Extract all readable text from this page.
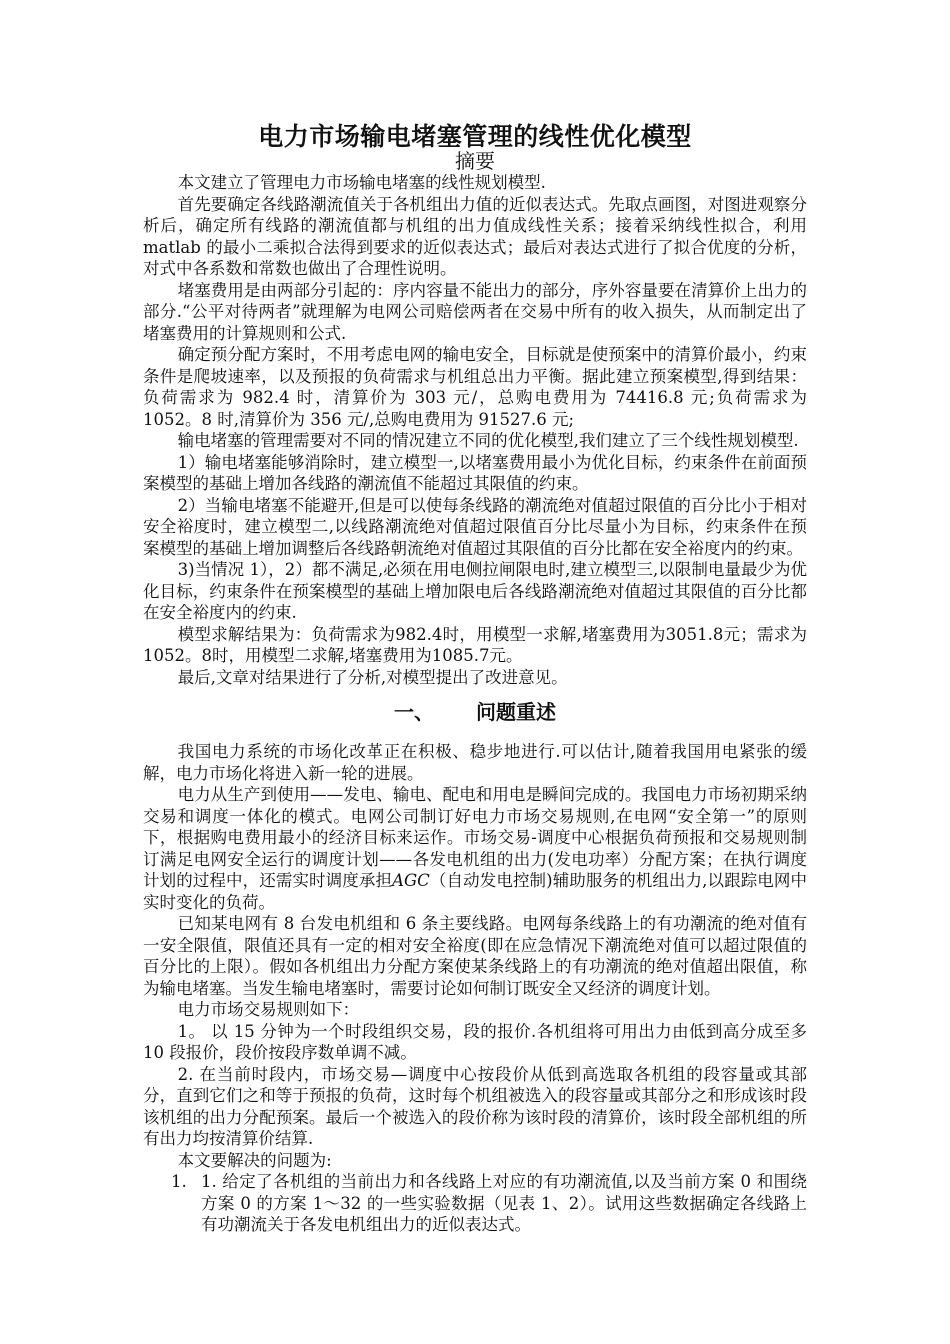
电力市场输电堵塞管理的线性优化模型
摘要

本文建立了管理电力市场输电堵塞的线性规划模型.

首先要确定各线路潮流值关于各机组出力值的近似表达式。先取点画图，对图进观察分析后，确定所有线路的潮流值都与机组的出力值成线性关系；接着采纳线性拟合，利用 matlab 的最小二乘拟合法得到要求的近似表达式；最后对表达式进行了拟合优度的分析，对式中各系数和常数也做出了合理性说明。

堵塞费用是由两部分引起的：序内容量不能出力的部分，序外容量要在清算价上出力的部分.“公平对待两者”就理解为电网公司赔偿两者在交易中所有的收入损失，从而制定出了堵塞费用的计算规则和公式.

确定预分配方案时，不用考虑电网的输电安全，目标就是使预案中的清算价最小，约束条件是爬坡速率，以及预报的负荷需求与机组总出力平衡。据此建立预案模型,得到结果：负荷需求为 982.4 时，清算价为 303 元/，总购电费用为 74416.8 元;负荷需求为 1052。8 时,清算价为 356 元/,总购电费用为 91527.6 元;

输电堵塞的管理需要对不同的情况建立不同的优化模型,我们建立了三个线性规划模型.

1）输电堵塞能够消除时，建立模型一,以堵塞费用最小为优化目标，约束条件在前面预案模型的基础上增加各线路的潮流值不能超过其限值的约束。

2）当输电堵塞不能避开,但是可以使每条线路的潮流绝对值超过限值的百分比小于相对安全裕度时，建立模型二,以线路潮流绝对值超过限值百分比尽量小为目标，约束条件在预案模型的基础上增加调整后各线路朝流绝对值超过其限值的百分比都在安全裕度内的约束。

3)当情况 1），2）都不满足,必须在用电侧拉闸限电时,建立模型三,以限制电量最少为优化目标，约束条件在预案模型的基础上增加限电后各线路潮流绝对值超过其限值的百分比都在安全裕度内的约束.

模型求解结果为：负荷需求为982.4时，用模型一求解,堵塞费用为3051.8元；需求为1052。8时，用模型二求解,堵塞费用为1085.7元。

最后,文章对结果进行了分析,对模型提出了改进意见。

一、 问题重述

我国电力系统的市场化改革正在积极、稳步地进行.可以估计,随着我国用电紧张的缓解，电力市场化将进入新一轮的进展。

电力从生产到使用——发电、输电、配电和用电是瞬间完成的。我国电力市场初期采纳交易和调度一体化的模式。电网公司制订好电力市场交易规则,在电网“安全第一”的原则下，根据购电费用最小的经济目标来运作。市场交易-调度中心根据负荷预报和交易规则制订满足电网安全运行的调度计划——各发电机组的出力(发电功率）分配方案；在执行调度计划的过程中，还需实时调度承担AGC（自动发电控制)辅助服务的机组出力,以跟踪电网中实时变化的负荷。

已知某电网有 8 台发电机组和 6 条主要线路。电网每条线路上的有功潮流的绝对值有一安全限值，限值还具有一定的相对安全裕度(即在应急情况下潮流绝对值可以超过限值的百分比的上限）。假如各机组出力分配方案使某条线路上的有功潮流的绝对值超出限值，称为输电堵塞。当发生输电堵塞时，需要讨论如何制订既安全又经济的调度计划。

电力市场交易规则如下：

1。 以 15 分钟为一个时段组织交易，段的报价.各机组将可用出力由低到高分成至多 10 段报价，段价按段序数单调不减。

2. 在当前时段内，市场交易—调度中心按段价从低到高选取各机组的段容量或其部分，直到它们之和等于预报的负荷，这时每个机组被选入的段容量或其部分之和形成该时段该机组的出力分配预案。最后一个被选入的段价称为该时段的清算价，该时段全部机组的所有出力均按清算价结算.

本文要解决的问题为:

1. 1. 给定了各机组的当前出力和各线路上对应的有功潮流值,以及当前方案 0 和围绕方案 0 的方案 1～32 的一些实验数据（见表 1、2）。试用这些数据确定各线路上有功潮流关于各发电机组出力的近似表达式。
